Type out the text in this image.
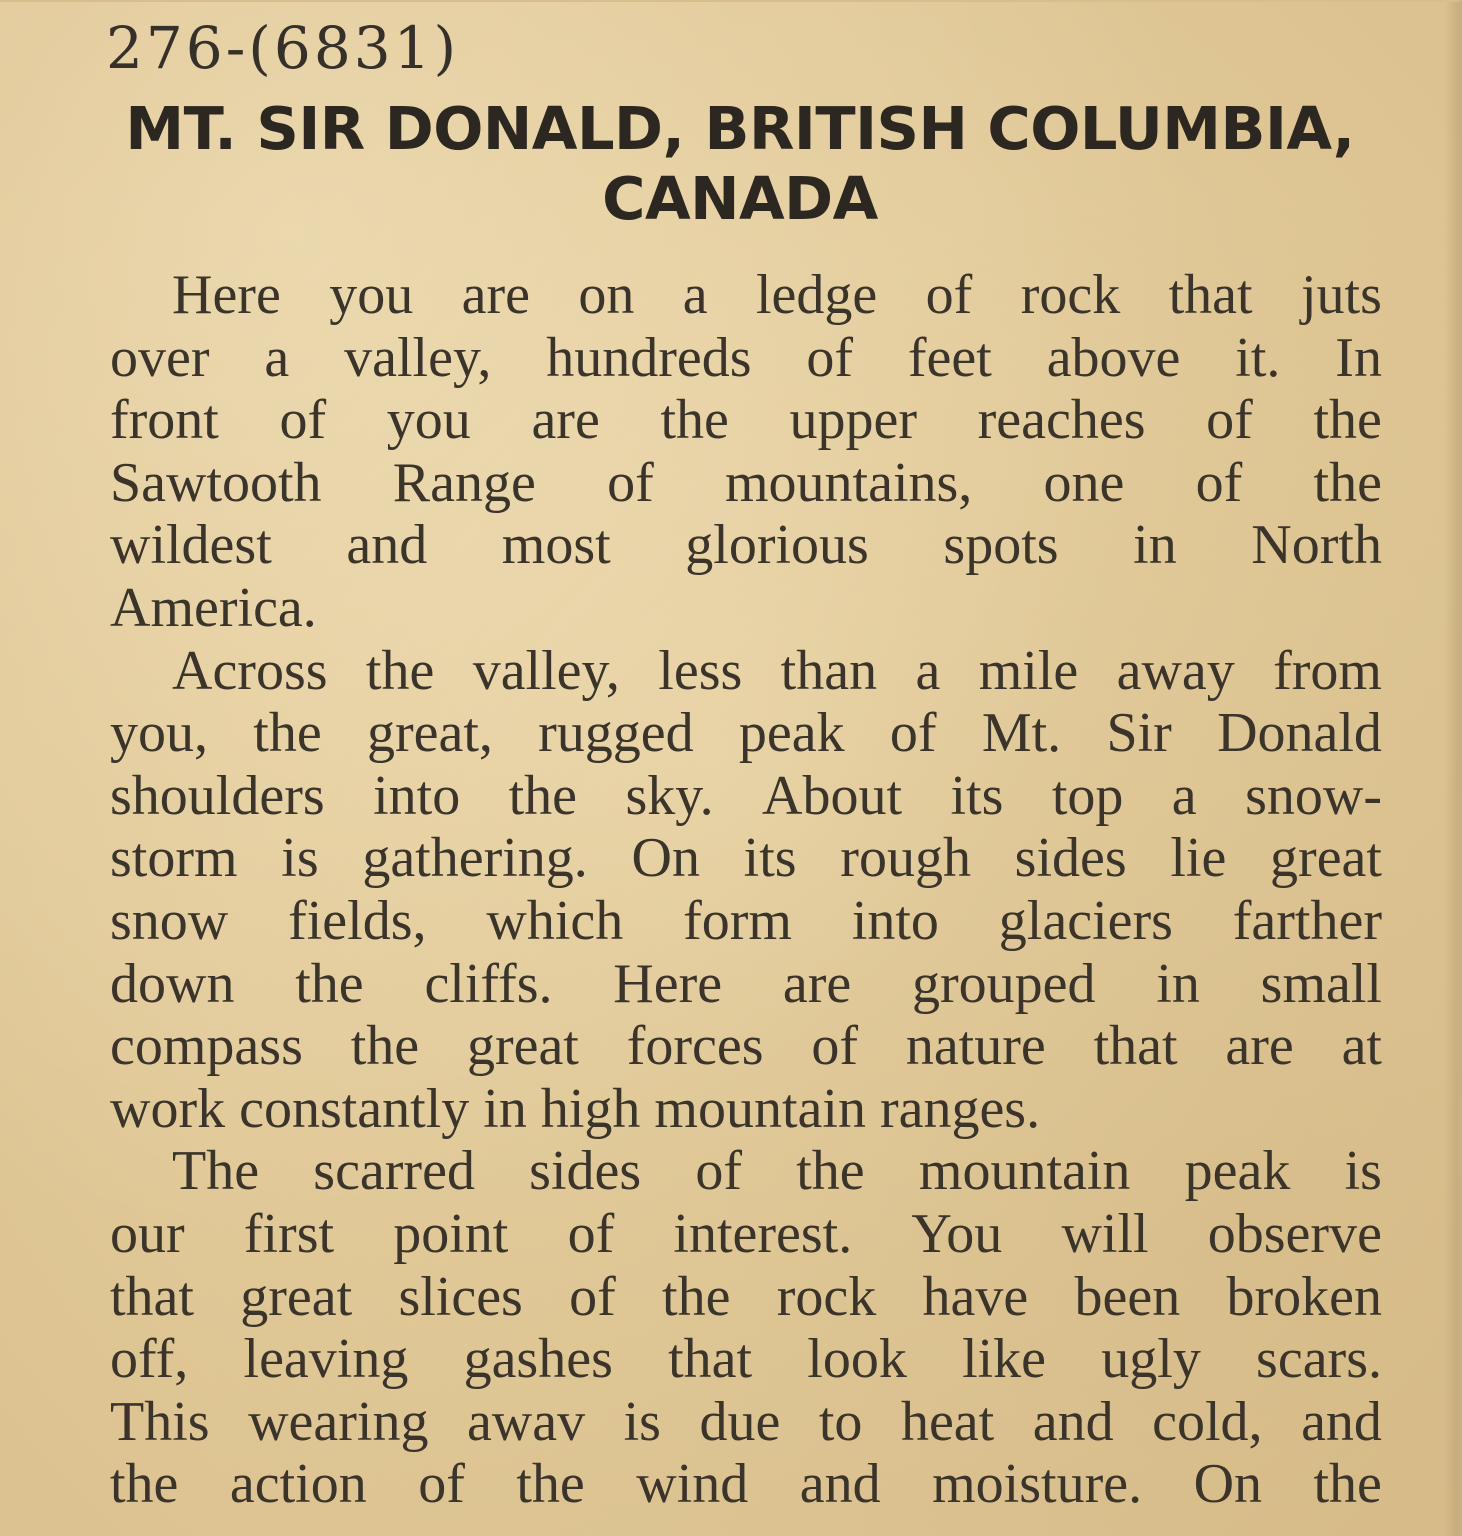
276-(6831)
MT. SIR DONALD, BRITISH COLUMBIA,
CANADA
Here you are on a ledge of rock that juts
over a valley, hundreds of feet above it. In
front of you are the upper reaches of the
Sawtooth Range of mountains, one of the
wildest and most glorious spots in North
America.
Across the valley, less than a mile away from
you, the great, rugged peak of Mt. Sir Donald
shoulders into the sky. About its top a snow-
storm is gathering. On its rough sides lie great
snow fields, which form into glaciers farther
down the cliffs. Here are grouped in small
compass the great forces of nature that are at
work constantly in high mountain ranges.
The scarred sides of the mountain peak is
our first point of interest. You will observe
that great slices of the rock have been broken
off, leaving gashes that look like ugly scars.
This wearing awav is due to heat and cold, and
the action of the wind and moisture. On the
